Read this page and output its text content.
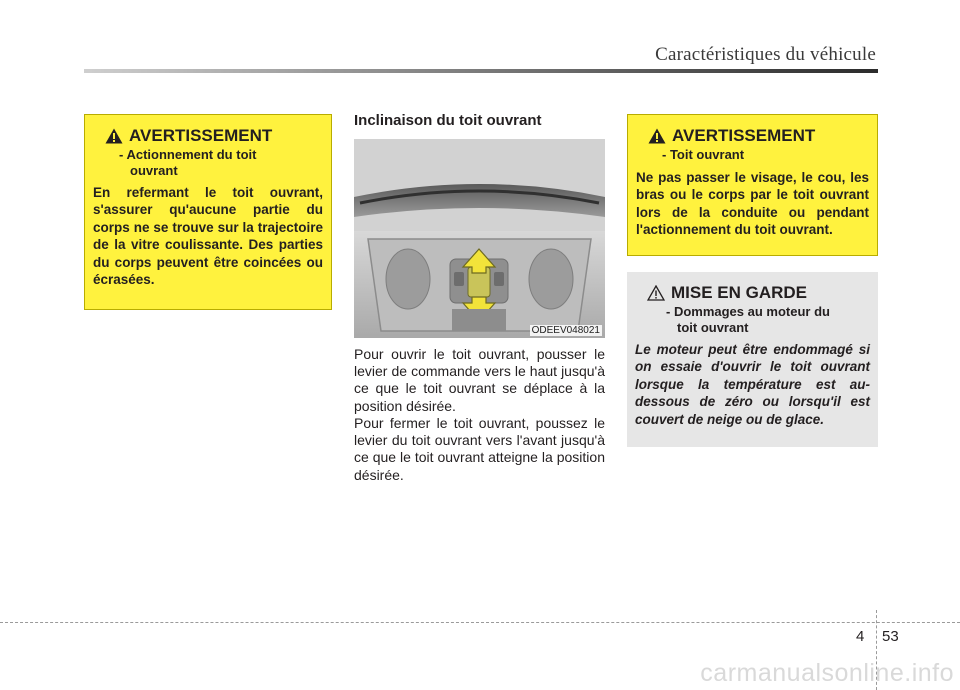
Caractéristiques du véhicule
AVERTISSEMENT
- Actionnement du toit
ouvrant
En refermant le toit ouvrant, s'assurer qu'aucune partie du corps ne se trouve sur la trajectoire de la vitre coulissante. Des parties du corps peuvent être coincées ou écrasées.
Inclinaison du toit ouvrant
ODEEV048021
Pour ouvrir le toit ouvrant, pousser le levier de commande vers le haut jusqu'à ce que le toit ouvrant se déplace à la position désirée.
Pour fermer le toit ouvrant, poussez le levier du toit ouvrant vers l'avant jusqu'à ce que le toit ouvrant atteigne la position désirée.
AVERTISSEMENT
- Toit ouvrant
Ne pas passer le visage, le cou, les bras ou le corps par le toit ouvrant lors de la conduite ou pendant l'actionnement du toit ouvrant.
MISE EN GARDE
- Dommages au moteur du
toit ouvrant
Le moteur peut être endommagé si on essaie d'ouvrir le toit ouvrant lorsque la température est au-dessous de zéro ou lorsqu'il est couvert de neige ou de glace.
4 53
carmanualsonline.info
